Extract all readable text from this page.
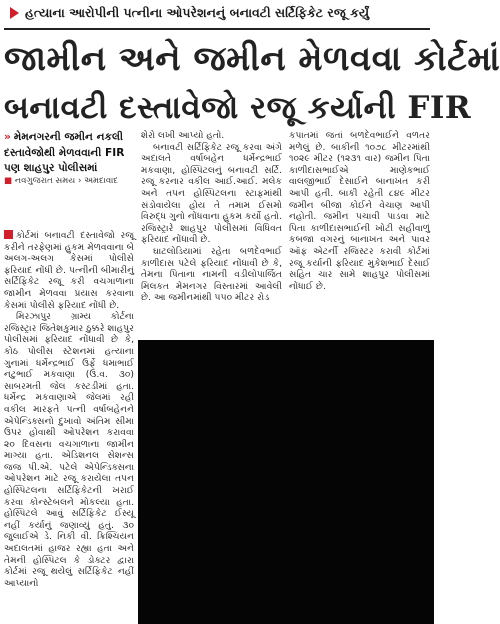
હત્યાના આરોપીની પત્નીના ઓપરેશનનું બનાવટી સર્ટિફિકેટ રજૂ કર્યું
જામીન અને જમીન મેળવવા કોર્ટમાં
બનાવટી દસ્તાવેજો રજૂ કર્યાની FIR
» મેમનગરની જમીન નકલી દસ્તાવેજોથી મેળવવાની FIR પણ શાહપુર પોલીસમાં
■ નવગુજરાત સમય › અમદાવાદ

કોર્ટમાં બનાવટી દસ્તાવેજો રજૂ કરીને તરફેણમાં હુકમ મેળવવાના બે અલગ-અલગ કેસમાં પોલીસે ફરિયાદ નોંધી છે. પત્નીની બીમારીનું સર્ટિફિકેટ રજૂ કરી વચગાળાના જામીન મેળવવા પ્રયાસ કરવાના કેસમાં પોલીસે ફરિયાદ નોંધી છે.

મિરઝાપુર ગ્રામ્ય કોર્ટના રજિસ્ટ્રાર જિતેશકુમાર ઠુક્કરે શાહપુર પોલીસમાં ફરિયાદ નોંધાવી છે કે, કોઠ પોલીસ સ્ટેશનમાં હત્યાના ગુનામાં ધર્મેન્દ્રભાઈ ઉર્ફે ધમાભાઈ નટુભાઈ મકવાણા (ઉં.વ. ૩૦) સાબરમતી જેલ કસ્ટડીમાં હતા. ધર્મેન્દ્ર મકવાણાએ જેલમાં રહી વકીલ મારફતે પત્ની વર્ષાબહેનને એપેન્ડિક્સનો દુખાવો અંતિમ સીમા ઉપર હોવાથી ઓપરેશન કરાવવા ૨૦ દિવસના વચગાળાના જામીન માગ્યા હતા. એડિશનલ સેશન્સ જજ પી.એ. પટેલે એપેન્ડિક્સના ઓપરેશન માટે રજૂ કરાયેલા તપન હોસ્પિટલના સર્ટિફિકેટની ખરાઈ કરવા કોન્સ્ટેબલને મોકલ્યા હતા. હોસ્પિટલે આવું સર્ટિફિકેટ ઈસ્યૂ નહીં કર્યાનું જણાવ્યું હતું. ૩૦ જુલાઈએ ડે. નિકી વી. ક્રિશ્ચિયન અદાલતમાં હાજર રહ્યા હતા અને તેમની હોસ્પિટલ કે ડોક્ટર દ્વારા કોર્ટમાં રજૂ થયેલું સર્ટિફિકેટ નહીં આપ્યાનો

શેરો લખી આપ્યો હતો.

બનાવટી સર્ટિફિકેટ રજૂ કરવા અંગે અદાલતે વર્ષાબહેન ધર્મેન્દ્રભાઈ મકવાણા, હોસ્પિટલનું બનાવટી સર્ટિ. રજૂ કરનાર વકીલ આઈ.આઈ. મલેક અને તપન હોસ્પિટલના સ્ટાફમાંથી સંડોવાયેલા હોય તે તમામ ઈસમો વિરુદ્ધ ગુનો નોંધવાના હુકમ કર્યો હતો. રજિસ્ટ્રારે શાહપુર પોલીસમાં વિધિવત ફરિયાદ નોંધાવી છે.

ઘાટલોડિયામાં રહેતા બળદેવભાઈ કાળીદાસ પટેલે ફરિયાદ નોંધાવી છે કે, તેમના પિતાના નામની વડીલોપાર્જિત મિલકત મેમનગર વિસ્તારમાં આવેલી છે. આ જમીનમાંથી ૫૫૦ મીટર રોડ

કપાતમાં જતાં બળદેવભાઈને વળતર મળેલું છે. બાકીની ૧૦૭૮ મીટરમાંથી ૧૦૨૯ મીટર (૧૨૩૧ વાર) જમીન પિતા કાળીદાસભાઈએ માણેકભાઈ વાલજીભાઈ દેસાઈને બાનાખત કરી આપી હતી. બાકી રહેતી ૮૪૯ મીટર જમીન બીજા કોઈને વેચાણ આપી નહોતી. જમીન પચાવી પાડવા માટે પિતા કાળીદાસભાઈની ખોટી સહીવાળું કબજા વગરનું બાનાખત અને પાવર ઑફ એટર્ની રજિસ્ટર કરાવી કોર્ટમાં રજૂ કર્યાની ફરિયાદ મુકેશભાઈ દેસાઈ સહિત ચાર સામે શાહપુર પોલીસમાં નોંધાઈ છે.
